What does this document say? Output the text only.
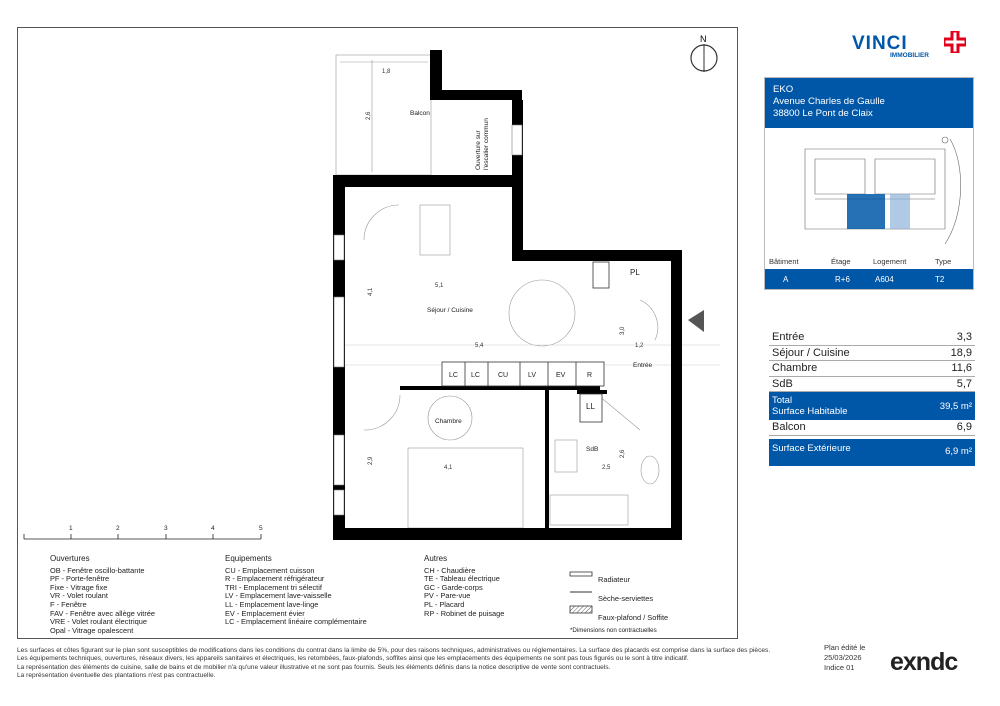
N
1	2	3	4	5
Balcon
Séjour / Cuisine
Chambre
SdB
Entrée
PL
LL
Ouverture sur l'escalier commun
LC LC	CU	LV	EV	R
1,8
2,6
5,1
5,4
4,1
4,1
2,5
2,6
3,0
1,2
2,9
Ouvertures
OB - Fenêtre oscillo-battante
PF - Porte-fenêtre
Fixe - Vitrage fixe
VR - Volet roulant
F - Fenêtre
FAV - Fenêtre avec allège vitrée
VRE - Volet roulant électrique
Opal - Vitrage opalescent
Equipements
CU - Emplacement cuisson
R - Emplacement réfrigérateur
TRI - Emplacement tri sélectif
LV - Emplacement lave-vaisselle
LL - Emplacement lave-linge
EV - Emplacement évier
LC - Emplacement linéaire complémentaire
Autres
CH - Chaudière
TE - Tableau électrique
GC - Garde-corps
PV - Pare-vue
PL - Placard
RP - Robinet de puisage
Radiateur
Sèche-serviettes
Faux-plafond / Soffite
*Dimensions non contractuelles
VINCI
IMMOBILIER
EKO
Avenue Charles de Gaulle
38800 Le Pont de Claix
Bâtiment	Étage	Logement	Type
A	R+6	A604	T2
Entrée	3,3
Séjour / Cuisine	18,9
Chambre	11,6
SdB	5,7
Total
Surface Habitable	39,5 m²
Balcon	6,9
Surface Extérieure	6,9 m²
Les surfaces et côtes figurant sur le plan sont susceptibles de modifications dans les conditions du contrat dans la limite de 5%, pour des raisons techniques, administratives ou réglementaires. La surface des placards est comprise dans la surface des pièces.
Les équipements techniques, ouvertures, réseaux divers, les appareils sanitaires et électriques, les retombées, faux-plafonds, soffites ainsi que les emplacements des équipements ne sont pas tous figurés ou le sont à titre indicatif.
La représentation des éléments de cuisine, salle de bains et de mobilier n'a qu'une valeur illustrative et ne sont pas fournis. Seuls les éléments définis dans la notice descriptive de vente sont contractuels.
La représentation éventuelle des plantations n'est pas contractuelle.
Plan édité le
25/03/2026
Indice 01	exndc
